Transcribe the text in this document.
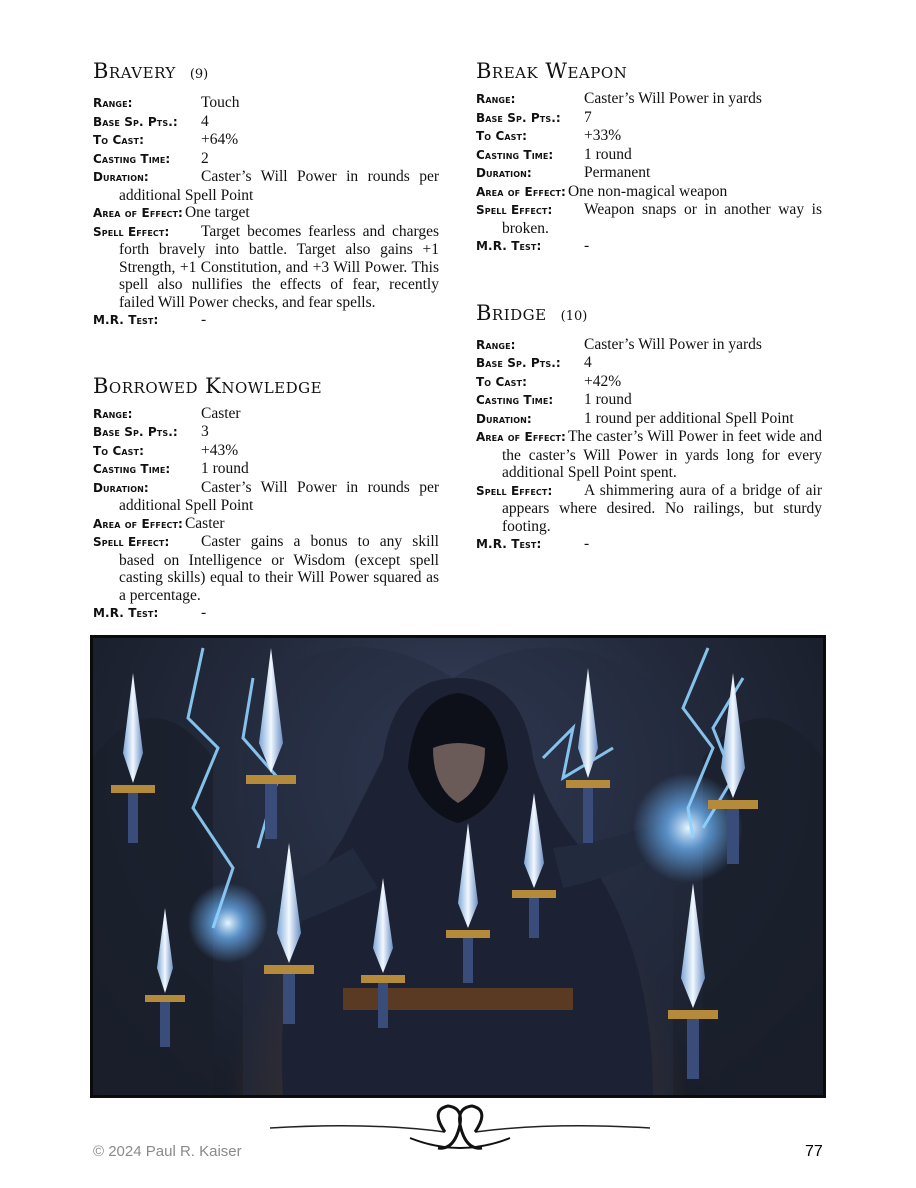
Bravery (9)
Range:	Touch
Base Sp. Pts.: 4
To Cast:	+64%
Casting Time: 2
Duration:	Caster’s Will Power in rounds per additional Spell Point
Area of Effect: One target
Spell Effect: Target becomes fearless and charges forth bravely into battle. Target also gains +1 Strength, +1 Constitution, and +3 Will Power. This spell also nullifies the effects of fear, recently failed Will Power checks, and fear spells.
M.R. Test:	-
Borrowed Knowledge
Range:	Caster
Base Sp. Pts.: 3
To Cast:	+43%
Casting Time: 1 round
Duration:	Caster’s Will Power in rounds per additional Spell Point
Area of Effect: Caster
Spell Effect: Caster gains a bonus to any skill based on Intelligence or Wisdom (except spell casting skills) equal to their Will Power squared as a percentage.
M.R. Test:	-
Break Weapon
Range:	Caster’s Will Power in yards
Base Sp. Pts.: 7
To Cast:	+33%
Casting Time: 1 round
Duration:	Permanent
Area of Effect: One non-magical weapon
Spell Effect: Weapon snaps or in another way is broken.
M.R. Test:	-
Bridge (10)
Range:	Caster’s Will Power in yards
Base Sp. Pts.: 4
To Cast:	+42%
Casting Time: 1 round
Duration:	1 round per additional Spell Point
Area of Effect: The caster’s Will Power in feet wide and the caster’s Will Power in yards long for every additional Spell Point spent.
Spell Effect: A shimmering aura of a bridge of air appears where desired. No railings, but sturdy footing.
M.R. Test:	-
© 2024 Paul R. Kaiser	77
